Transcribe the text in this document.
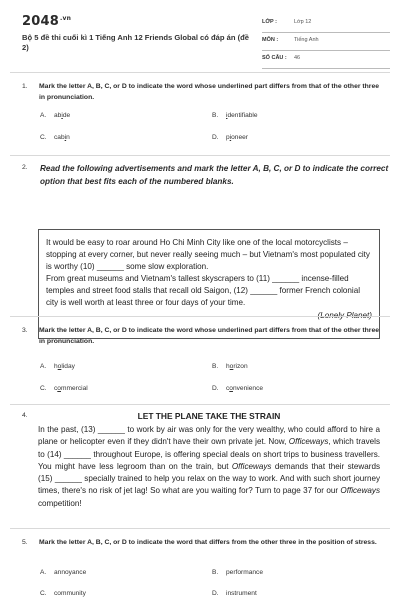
$2048^{.vn}$
Bộ 5 đề thi cuối kì 1 Tiếng Anh 12 Friends Global có đáp án (đề 2)
LỚP :	Lớp 12
MÔN :	Tiếng Anh
SỐ CÂU : 46
1. Mark the letter A, B, C, or D to indicate the word whose underlined part differs from that of the other three in pronunciation.
A. abide	B. identifiable
C. cabin	D. pioneer
2. Read the following advertisements and mark the letter A, B, C, or D to indicate the correct option that best fits each of the numbered blanks.
It would be easy to roar around Ho Chi Minh City like one of the local motorcyclists – stopping at every corner, but never really seeing much – but Vietnam's most populated city is worthy (10) ______ some slow exploration.
From great museums and Vietnam's tallest skyscrapers to (11) ______ incense-filled temples and street food stalls that recall old Saigon, (12) ______ former French colonial city is well worth at least three or four days of your time.
(Lonely Planet)
3. Mark the letter A, B, C, or D to indicate the word whose underlined part differs from that of the other three in pronunciation.
A. holiday	B. horizon
C. commercial	D. convenience
4.	LET THE PLANE TAKE THE STRAIN
In the past, (13) ______ to work by air was only for the very wealthy, who could afford to hire a plane or helicopter even if they didn't have their own private jet. Now, Officeways, which travels to (14) ______ throughout Europe, is offering special deals on short trips to business travellers. You might have less legroom than on the train, but Officeways demands that their stewards (15) ______ specially trained to help you relax on the way to work. And with such short journey times, there's no risk of jet lag! So what are you waiting for? Turn to page 37 for our Officeways competition!
5. Mark the letter A, B, C, or D to indicate the word that differs from the other three in the position of stress.
A. annoyance	B. performance
C. community	D. instrument
